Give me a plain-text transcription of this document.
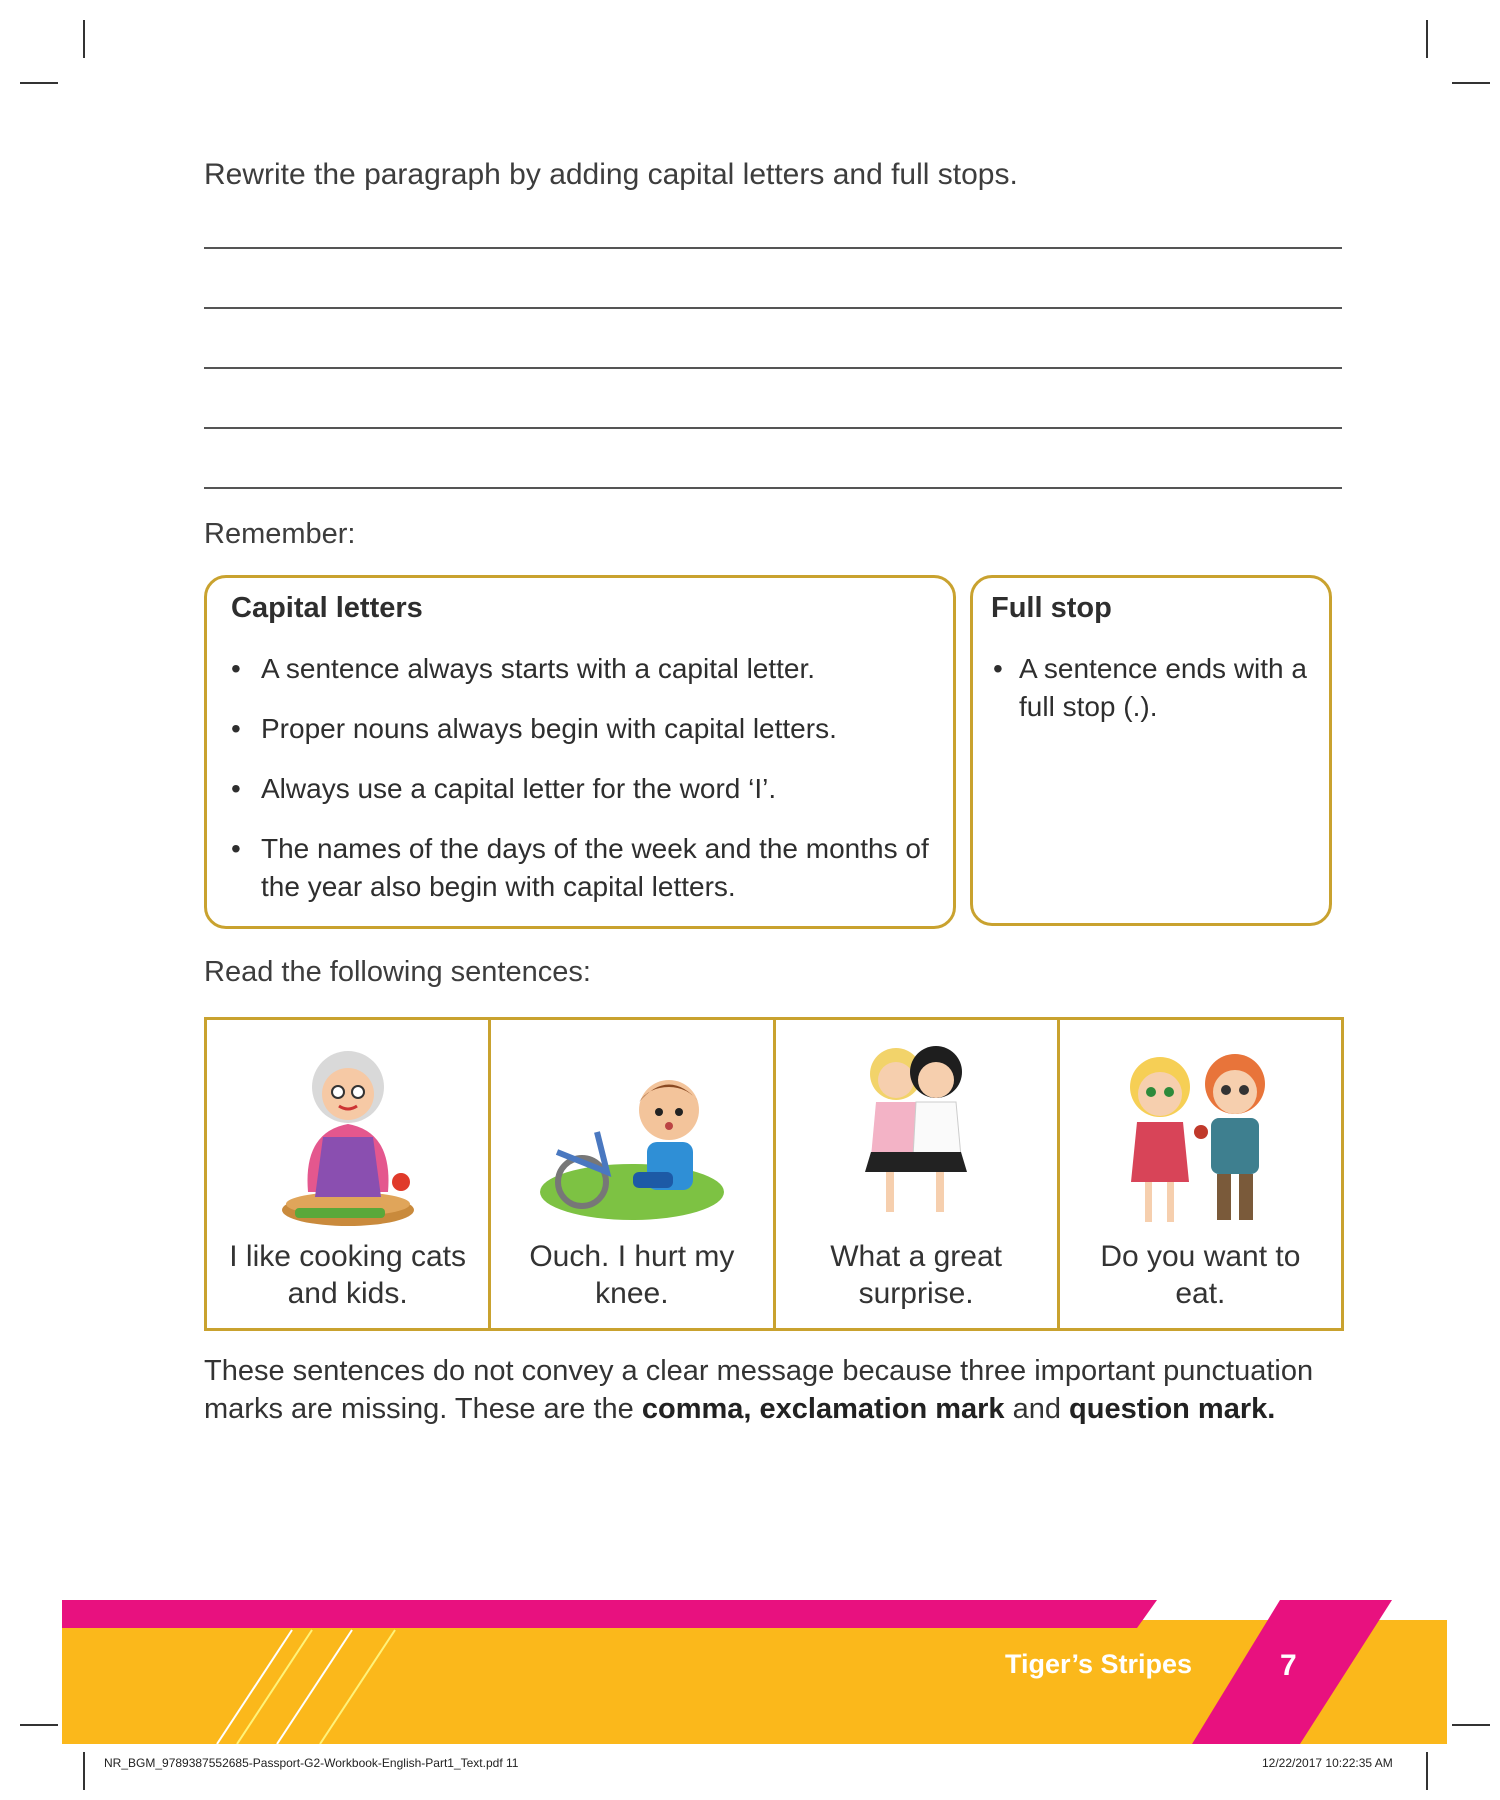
Rewrite the paragraph by adding capital letters and full stops.
Remember:
Capital letters
• A sentence always starts with a capital letter.
• Proper nouns always begin with capital letters.
• Always use a capital letter for the word ‘I’.
• The names of the days of the week and the months of the year also begin with capital letters.
Full stop
• A sentence ends with a full stop (.).
Read the following sentences:
I like cooking cats
and kids.
Ouch. I hurt my
knee.
What a great
surprise.
Do you want to
eat.
These sentences do not convey a clear message because three important punctuation marks are missing. These are the comma, exclamation mark and question mark.
Tiger’s Stripes	7
NR_BGM_9789387552685-Passport-G2-Workbook-English-Part1_Text.pdf 11	12/22/2017 10:22:35 AM
